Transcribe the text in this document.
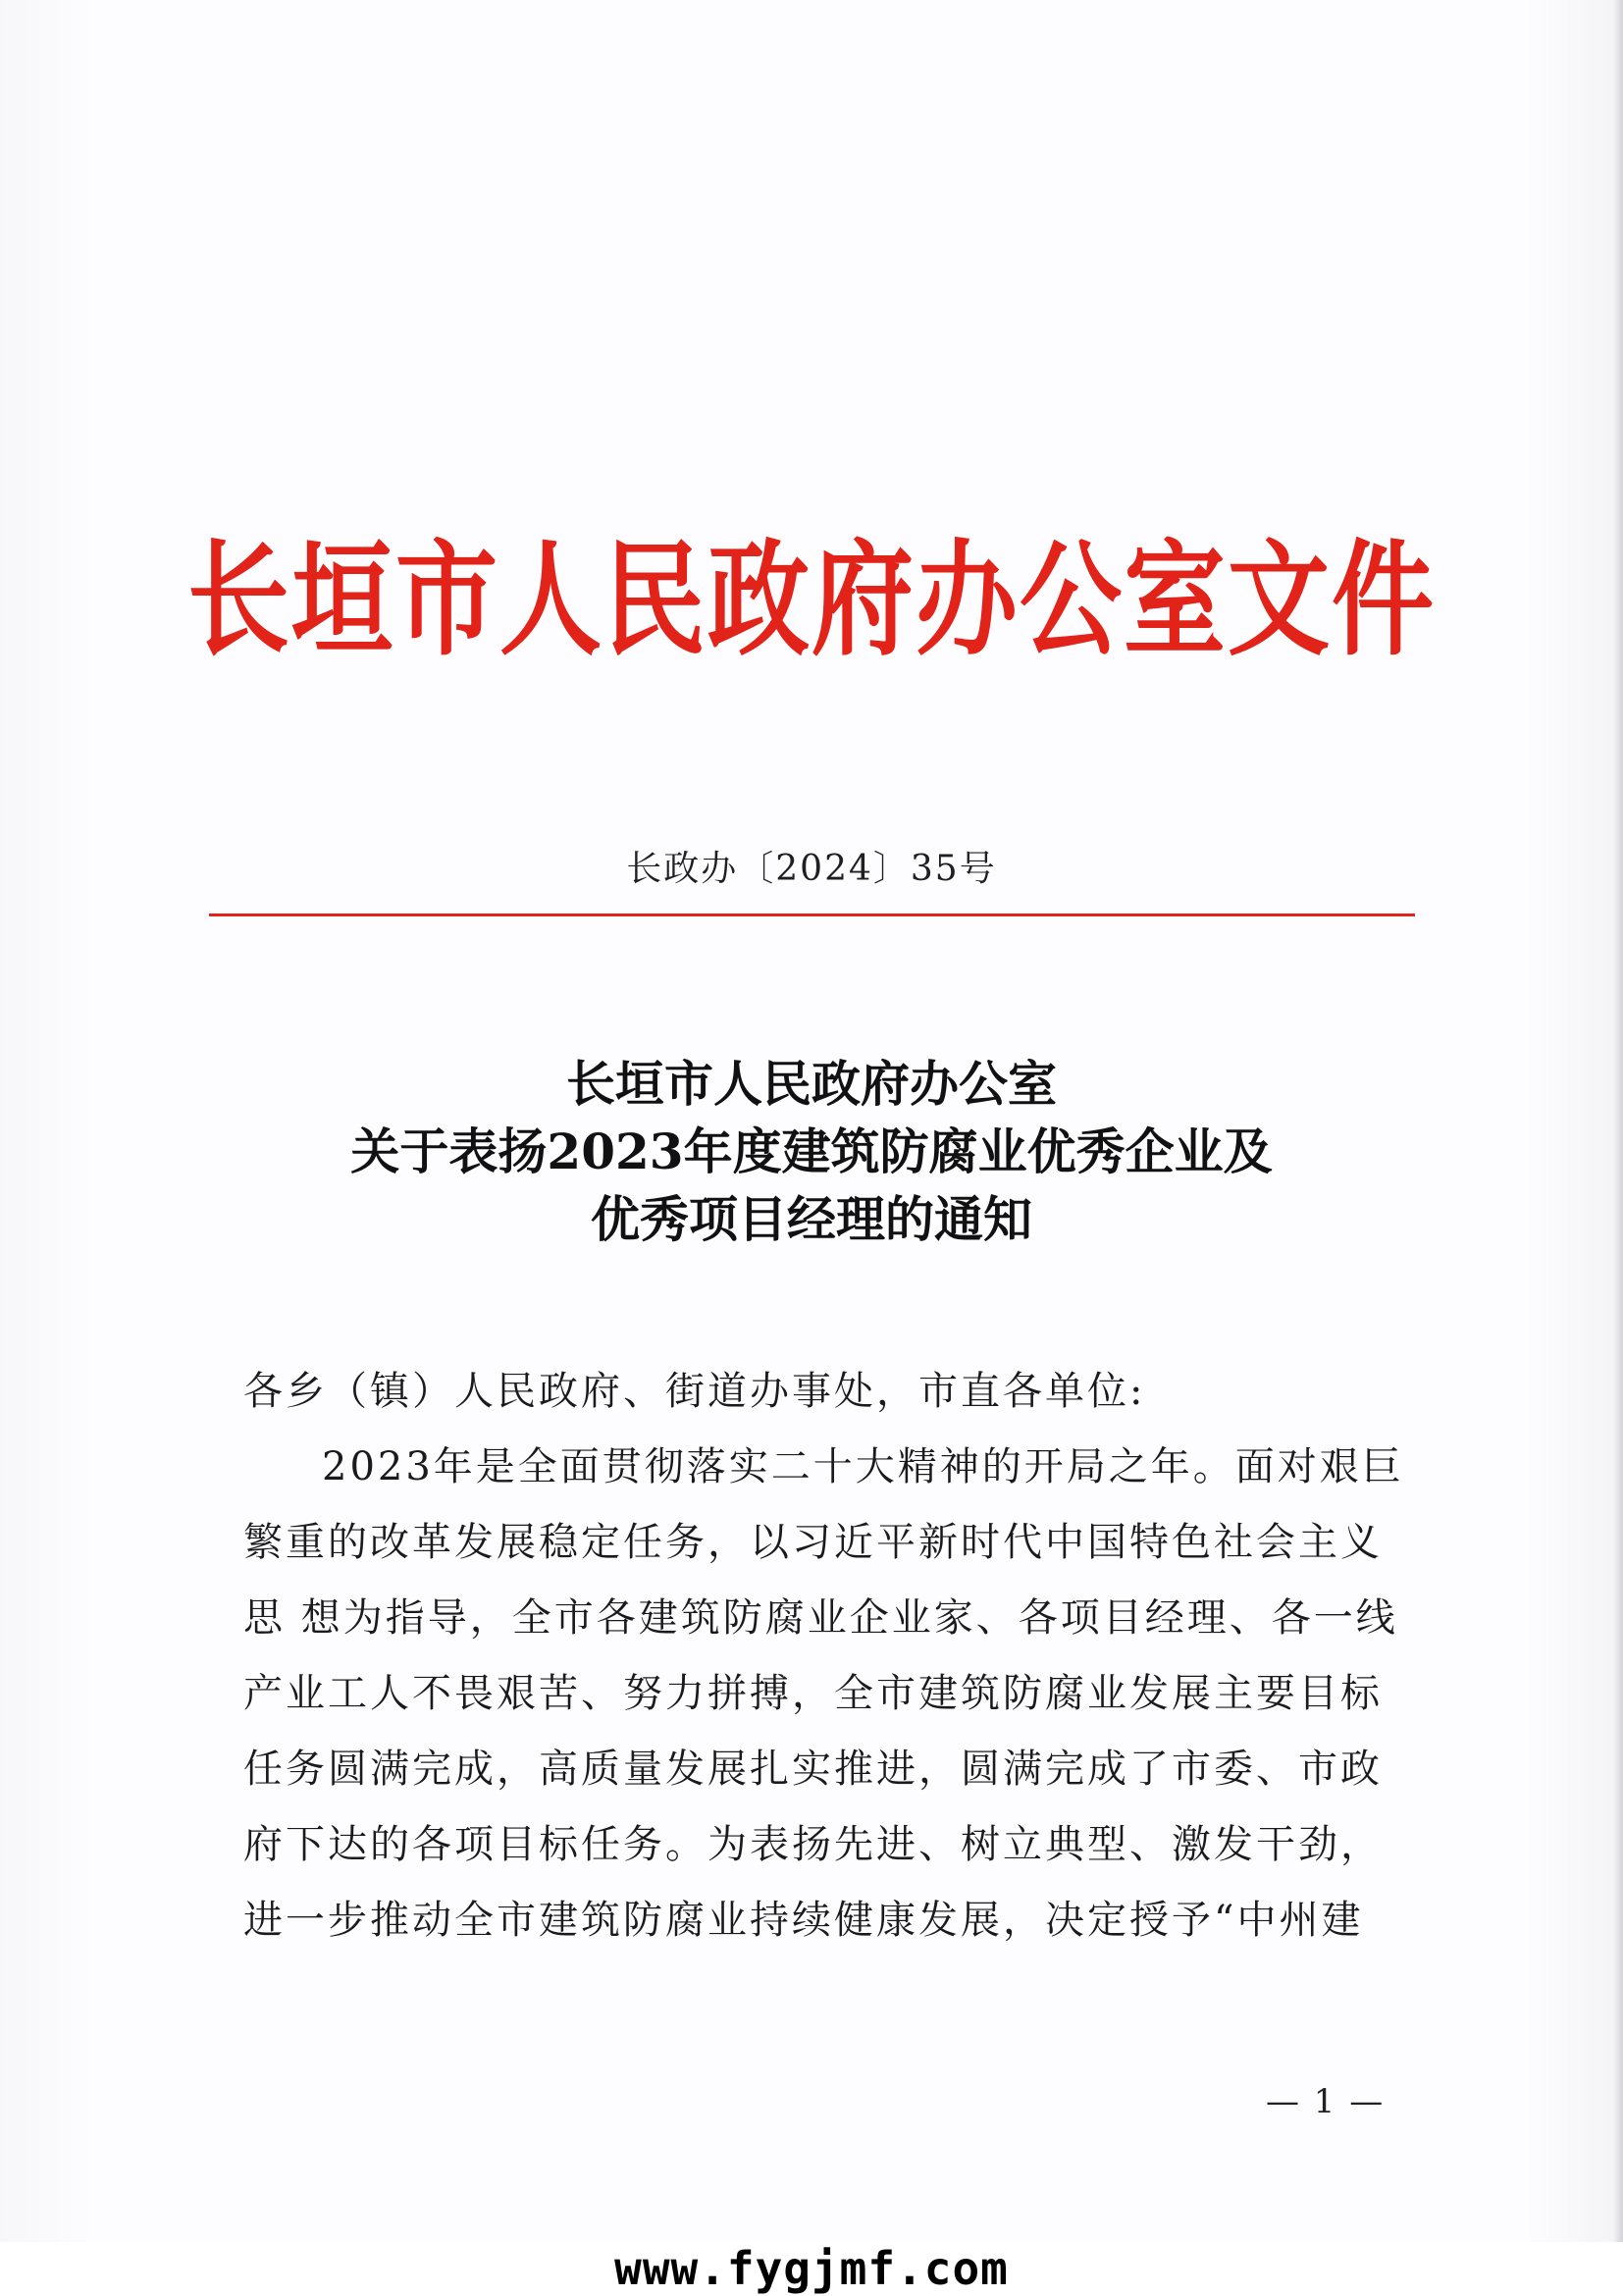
长垣市人民政府办公室文件
长政办〔2024〕35号
长垣市人民政府办公室
关于表扬2023年度建筑防腐业优秀企业及
优秀项目经理的通知
各乡（镇）人民政府、街道办事处，市直各单位:
2023年是全面贯彻落实二十大精神的开局之年。面对艰巨
繁重的改革发展稳定任务，以习近平新时代中国特色社会主义
思 想为指导，全市各建筑防腐业企业家、各项目经理、各一线
产业工人不畏艰苦、努力拼搏，全市建筑防腐业发展主要目标
任务圆满完成，高质量发展扎实推进，圆满完成了市委、市政
府下达的各项目标任务。为表扬先进、树立典型、激发干劲，
进一步推动全市建筑防腐业持续健康发展，决定授予“中州建
— 1 —
www.fygjmf.com
